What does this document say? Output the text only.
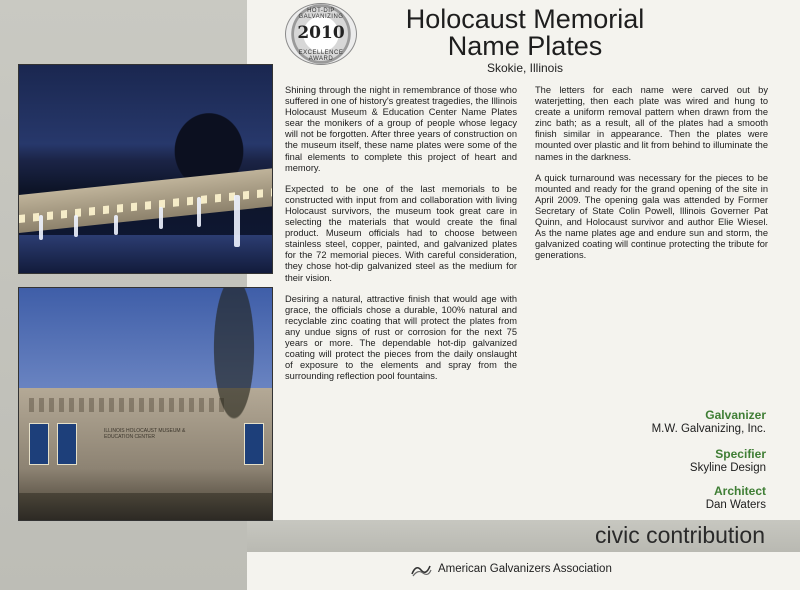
HOT-DIP GALVANIZING
2010
EXCELLENCE AWARD
Holocaust Memorial
Name Plates
Skokie, Illinois
ILLINOIS HOLOCAUST MUSEUM & EDUCATION CENTER

Shining through the night in remembrance of those who suffered in one of history's greatest tragedies, the Illinois Holocaust Museum & Education Center Name Plates sear the monikers of a group of people whose legacy will not be forgotten. After three years of construction on the museum itself, these name plates were some of the final elements to complete this project of heart and memory.

Expected to be one of the last memorials to be constructed with input from and collaboration with living Holocaust survivors, the museum took great care in selecting the materials that would create the final product. Museum officials had to choose between stainless steel, copper, painted, and galvanized plates for the 72 memorial pieces. With careful consideration, they chose hot-dip galvanized steel as the medium for their vision.

Desiring a natural, attractive finish that would age with grace, the officials chose a durable, 100% natural and recyclable zinc coating that will protect the plates from any undue signs of rust or corrosion for the next 75 years or more. The dependable hot-dip galvanized coating will protect the pieces from the daily onslaught of exposure to the elements and spray from the surrounding reflection pool fountains.

The letters for each name were carved out by waterjetting, then each plate was wired and hung to create a uniform removal pattern when drawn from the zinc bath; as a result, all of the plates had a smooth finish similar in appearance. Then the plates were mounted over plastic and lit from behind to illuminate the names in the darkness.

A quick turnaround was necessary for the pieces to be mounted and ready for the grand opening of the site in April 2009. The opening gala was attended by Former Secretary of State Colin Powell, Illinois Governer Pat Quinn, and Holocaust survivor and author Elie Wiesel. As the name plates age and endure sun and storm, the galvanized coating will continue protecting the tribute for generations.

Galvanizer
M.W. Galvanizing, Inc.
Specifier
Skyline Design
Architect
Dan Waters
civic contribution
American Galvanizers Association
